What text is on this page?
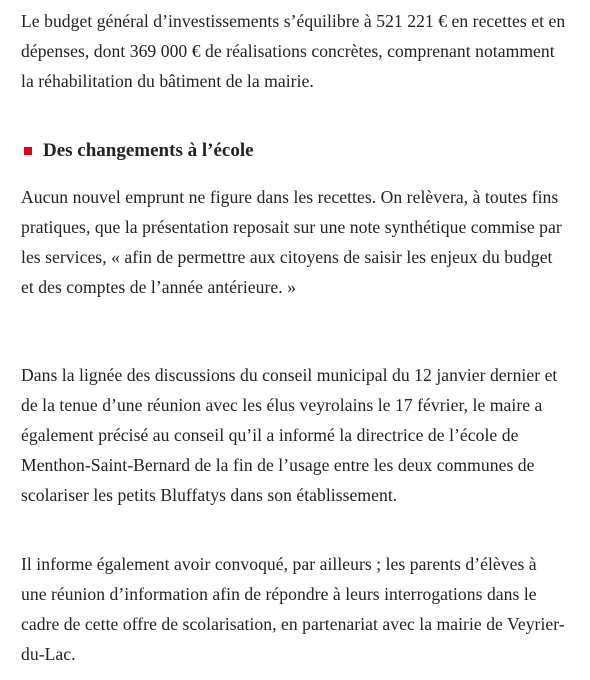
Le budget général d’investissements s’équilibre à 521 221 € en recettes et en dépenses, dont 369 000 € de réalisations concrètes, comprenant notamment la réhabilitation du bâtiment de la mairie.

Des changements à l’école

Aucun nouvel emprunt ne figure dans les recettes. On relèvera, à toutes fins pratiques, que la présentation reposait sur une note synthétique commise par les services, « afin de permettre aux citoyens de saisir les enjeux du budget et des comptes de l’année antérieure. »

Dans la lignée des discussions du conseil municipal du 12 janvier dernier et de la tenue d’une réunion avec les élus veyrolains le 17 février, le maire a également précisé au conseil qu’il a informé la directrice de l’école de Menthon-Saint-Bernard de la fin de l’usage entre les deux communes de scolariser les petits Bluffatys dans son établissement.

Il informe également avoir convoqué, par ailleurs ; les parents d’élèves à une réunion d’information afin de répondre à leurs interrogations dans le cadre de cette offre de scolarisation, en partenariat avec la mairie de Veyrier-du-Lac.
